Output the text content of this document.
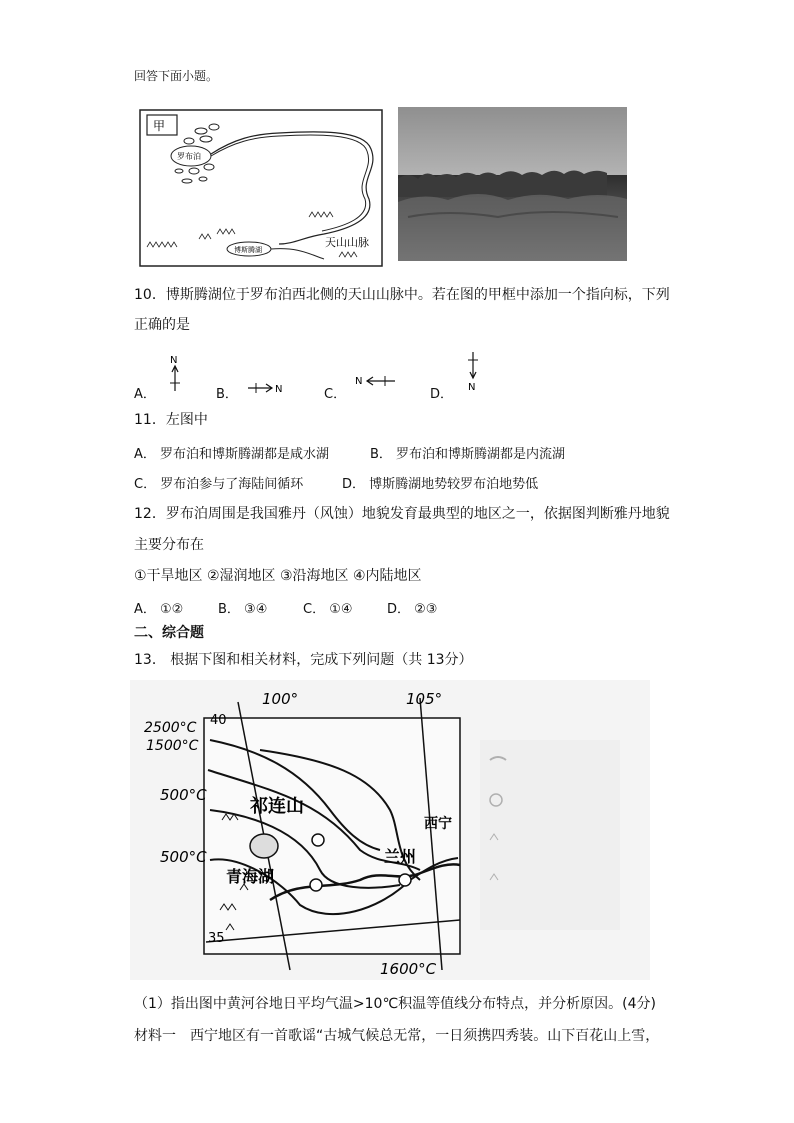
回答下面小题。
甲
罗布泊
博斯腾湖
天山山脉
10．博斯腾湖位于罗布泊西北侧的天山山脉中。若在图的甲框中添加一个指向标，下列
正确的是
A．
N
B．	N	C．
N
D． N
11．左图中
A． 罗布泊和博斯腾湖都是咸水湖	B． 罗布泊和博斯腾湖都是内流湖
C． 罗布泊参与了海陆间循环	D． 博斯腾湖地势较罗布泊地势低
12．罗布泊周围是我国雅丹（风蚀）地貌发育最典型的地区之一，依据图判断雅丹地貌
主要分布在
①干旱地区 ②湿润地区 ③沿海地区 ④内陆地区
A． ①②	B． ③④	C． ①④	D． ②③
二、综合题
13． 根据下图和相关材料，完成下列问题（共 13分）
100°	105°
2500°C
1500°C
500°C
500°C
1600°C
40
35
祁连山
青海湖
兰州
西宁
（1）指出图中黄河谷地日平均气温>10℃积温等值线分布特点，并分析原因。(4分)
材料一　西宁地区有一首歌谣“古城气候总无常，一日须携四秀装。山下百花山上雪，
